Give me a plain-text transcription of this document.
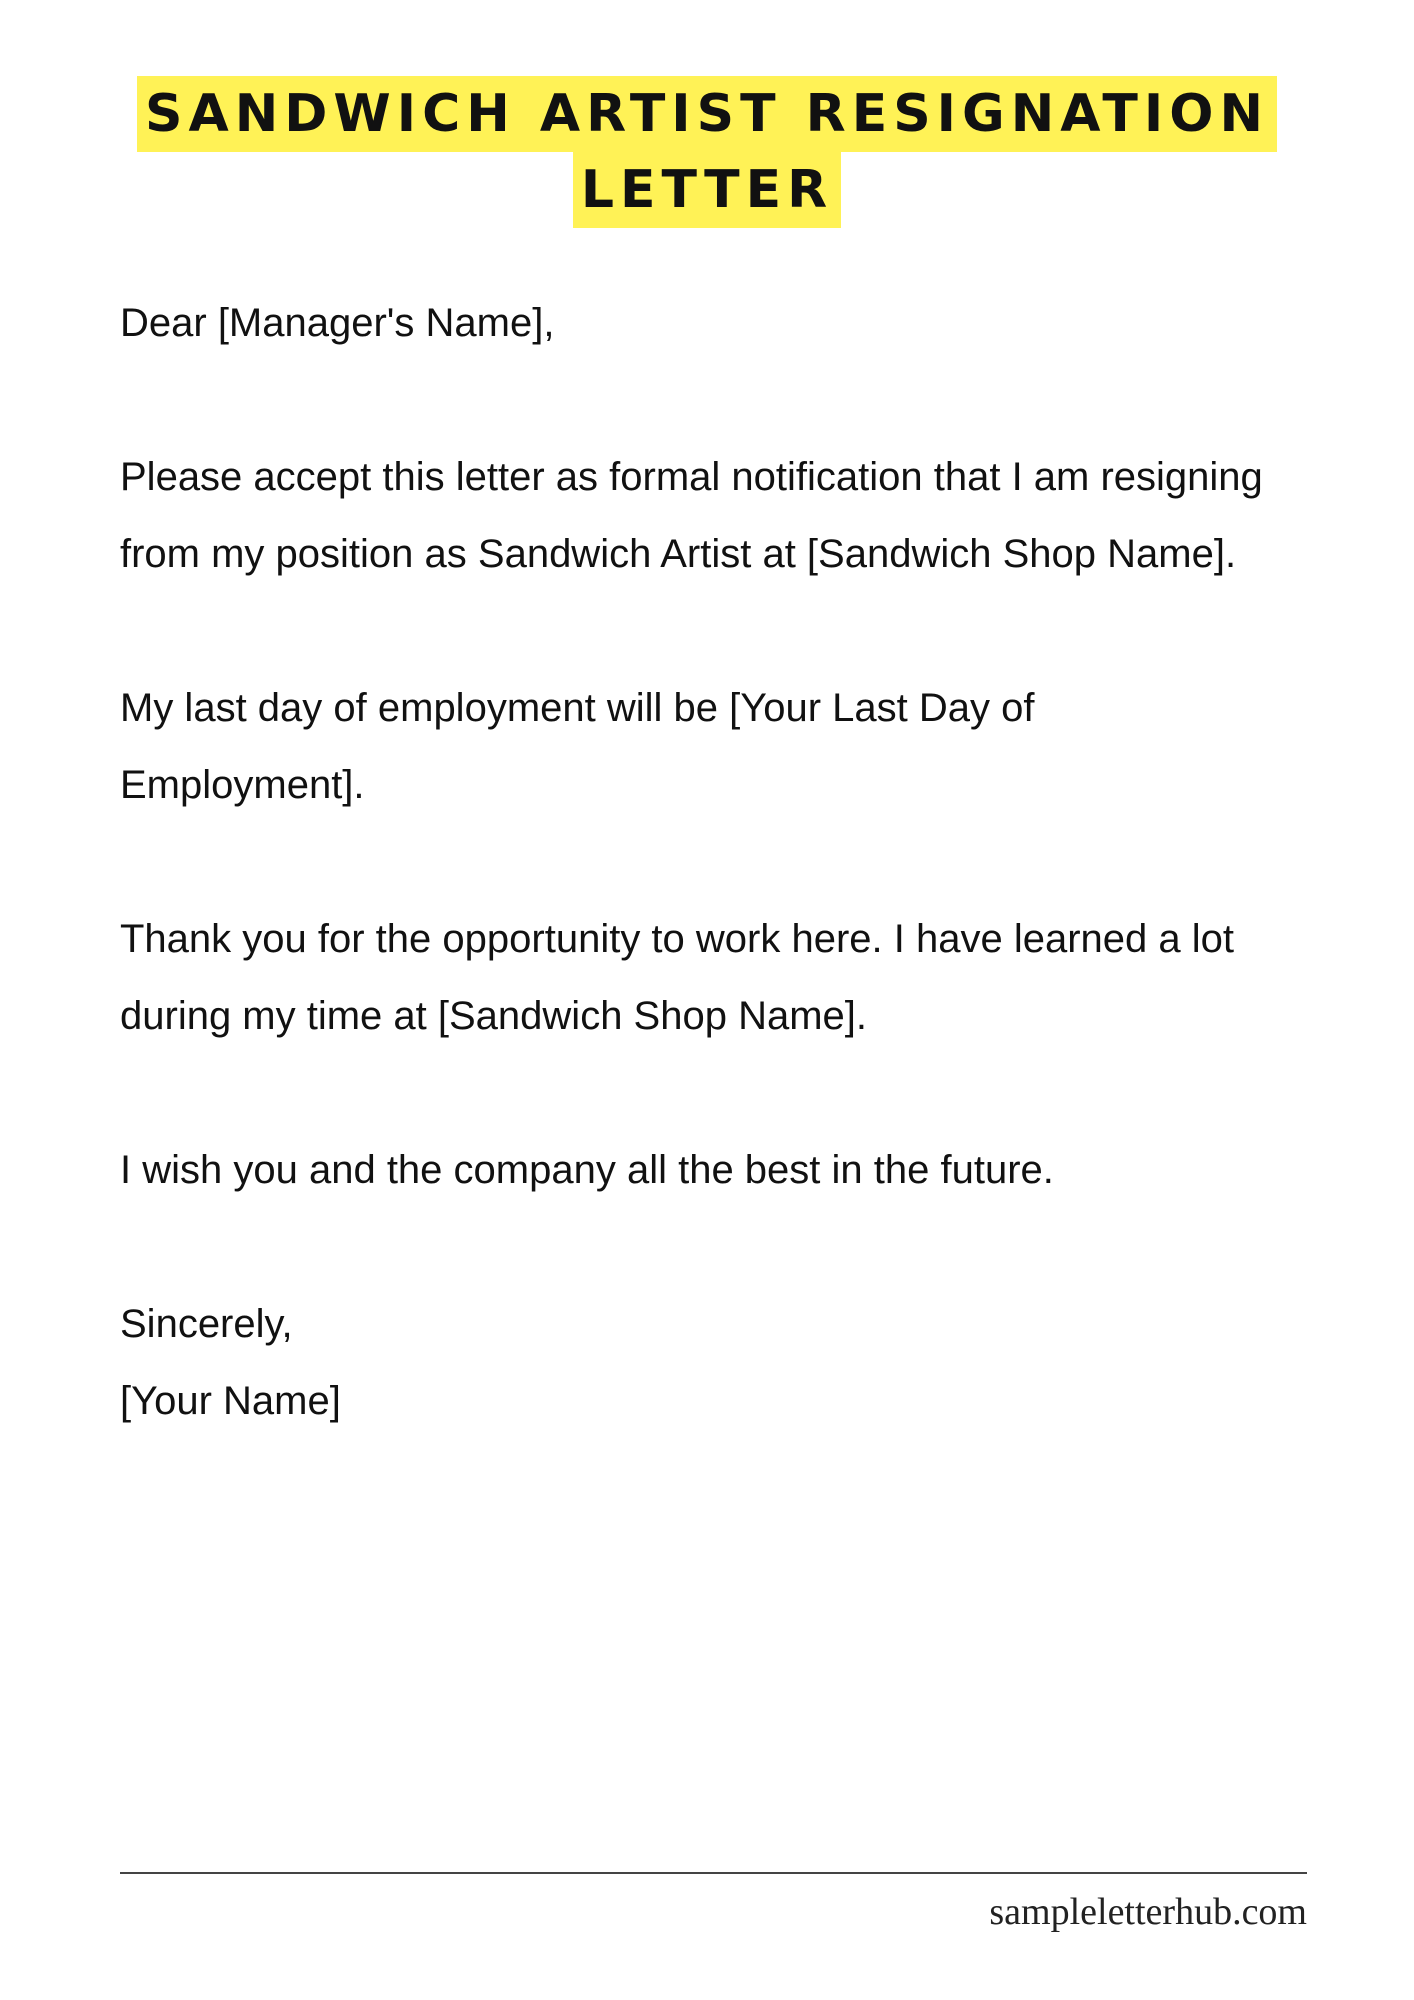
SANDWICH ARTIST RESIGNATION
LETTER

Dear [Manager's Name],

Please accept this letter as formal notification that I am resigning from my position as Sandwich Artist at [Sandwich Shop Name].

My last day of employment will be [Your Last Day of Employment].

Thank you for the opportunity to work here. I have learned a lot during my time at [Sandwich Shop Name].

I wish you and the company all the best in the future.

Sincerely,
[Your Name]
sampleletterhub.com
